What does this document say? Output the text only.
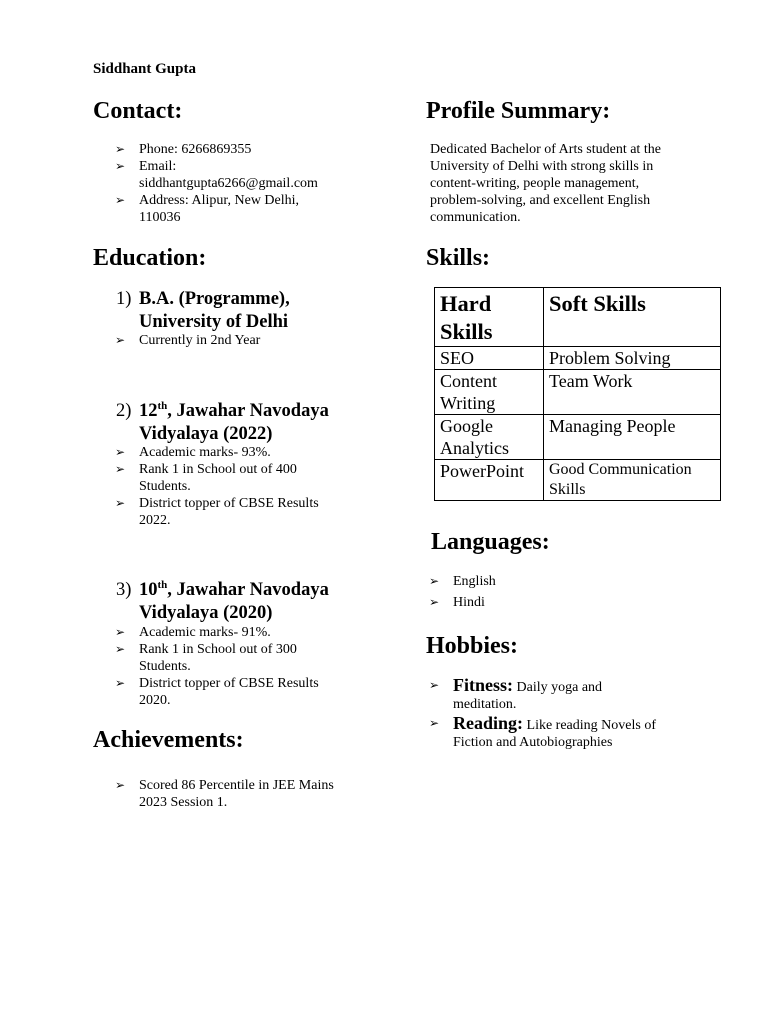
Siddhant Gupta
Contact:
➢ Phone: 6266869355
➢ Email: siddhantgupta6266@gmail.com
➢ Address: Alipur, New Delhi, 110036
Profile Summary:
Dedicated Bachelor of Arts student at the University of Delhi with strong skills in content-writing, people management, problem-solving, and excellent English communication.
Education:
1) B.A. (Programme), University of Delhi
➢ Currently in 2nd Year
2) 12th, Jawahar Navodaya Vidyalaya (2022)
➢ Academic marks- 93%.
➢ Rank 1 in School out of 400 Students.
➢ District topper of CBSE Results 2022.
3) 10th, Jawahar Navodaya Vidyalaya (2020)
➢ Academic marks- 91%.
➢ Rank 1 in School out of 300 Students.
➢ District topper of CBSE Results 2020.
Achievements:
➢ Scored 86 Percentile in JEE Mains 2023 Session 1.
Skills:
Hard Skills	Soft Skills
SEO	Problem Solving
Content Writing	Team Work
Google Analytics	Managing People
PowerPoint	Good Communication Skills
Languages:
➢ English
➢ Hindi
Hobbies:
➢ Fitness: Daily yoga and meditation.
➢ Reading: Like reading Novels of Fiction and Autobiographies
